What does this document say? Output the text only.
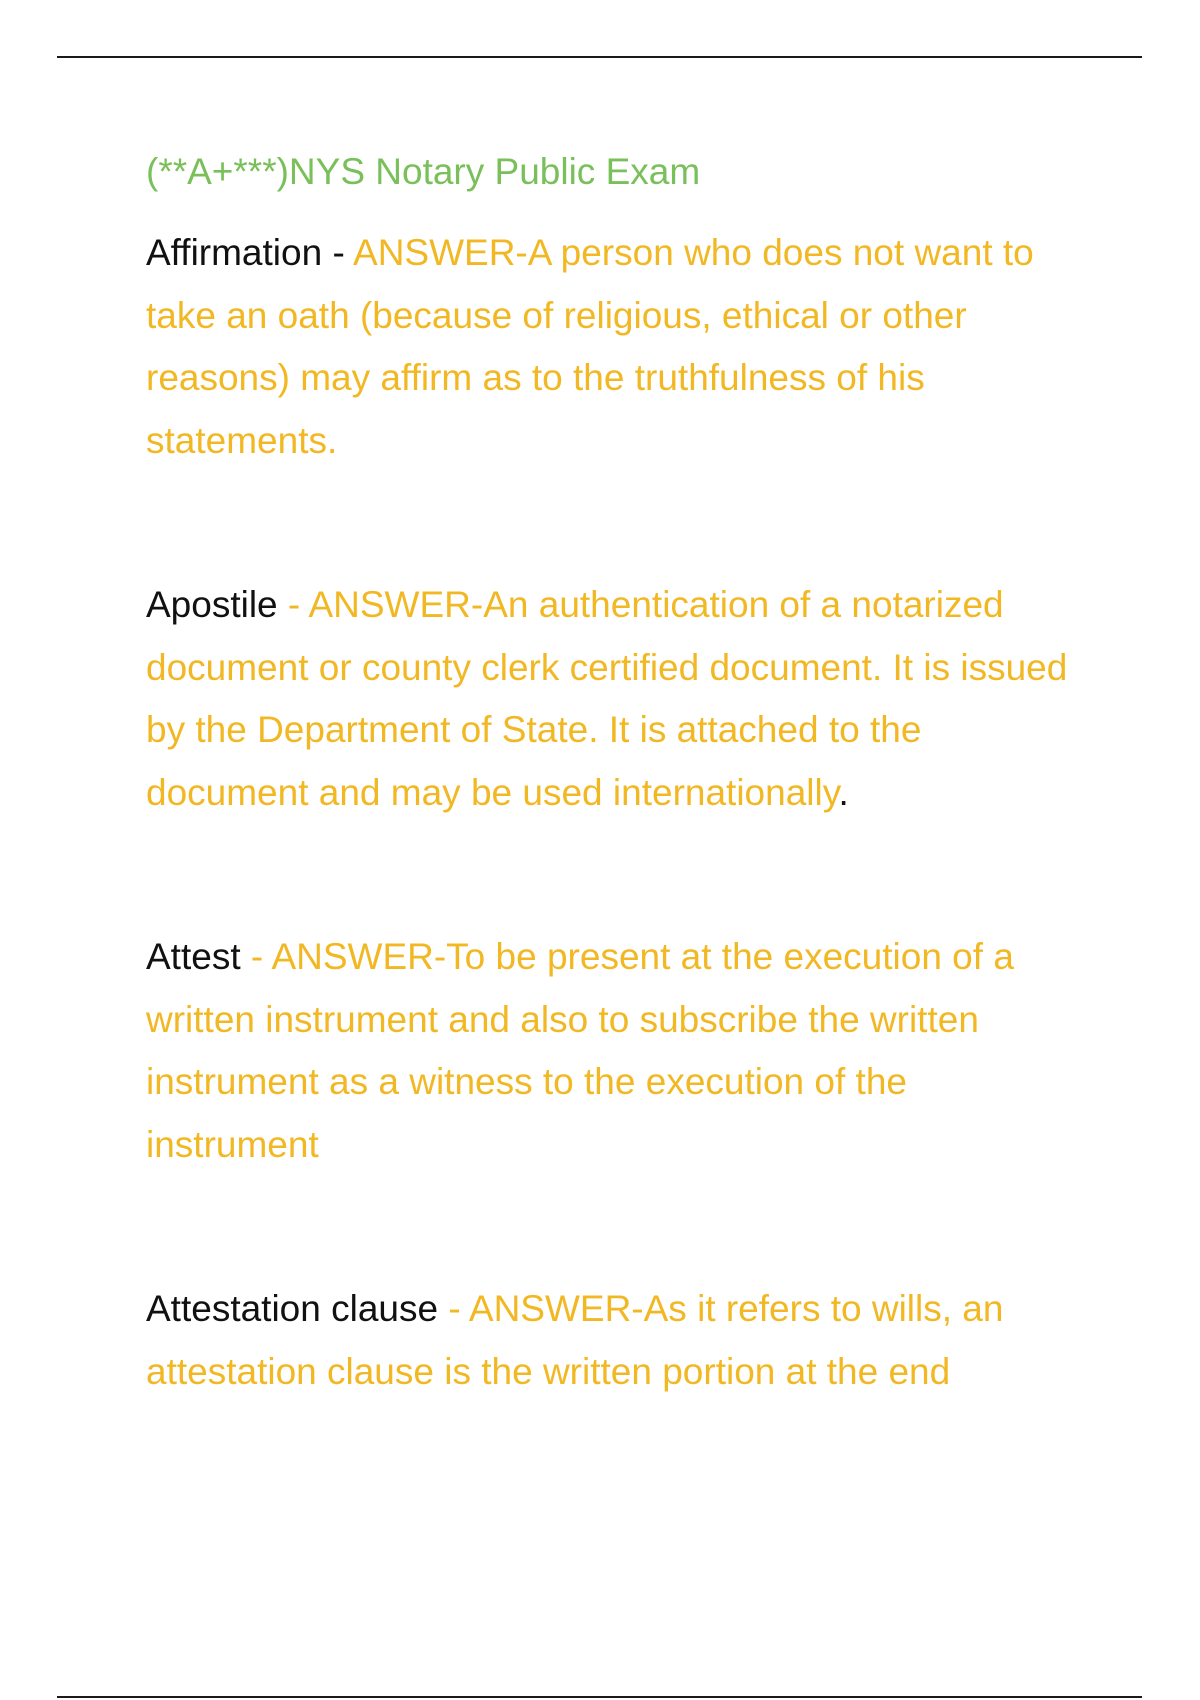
(**A+***)NYS Notary Public Exam

Affirmation - ANSWER-A person who does not want to take an oath (because of religious, ethical or other reasons) may affirm as to the truthfulness of his statements.

Apostile - ANSWER-An authentication of a notarized document or county clerk certified document. It is issued by the Department of State. It is attached to the document and may be used internationally.

Attest - ANSWER-To be present at the execution of a written instrument and also to subscribe the written instrument as a witness to the execution of the instrument

Attestation clause - ANSWER-As it refers to wills, an attestation clause is the written portion at the end
